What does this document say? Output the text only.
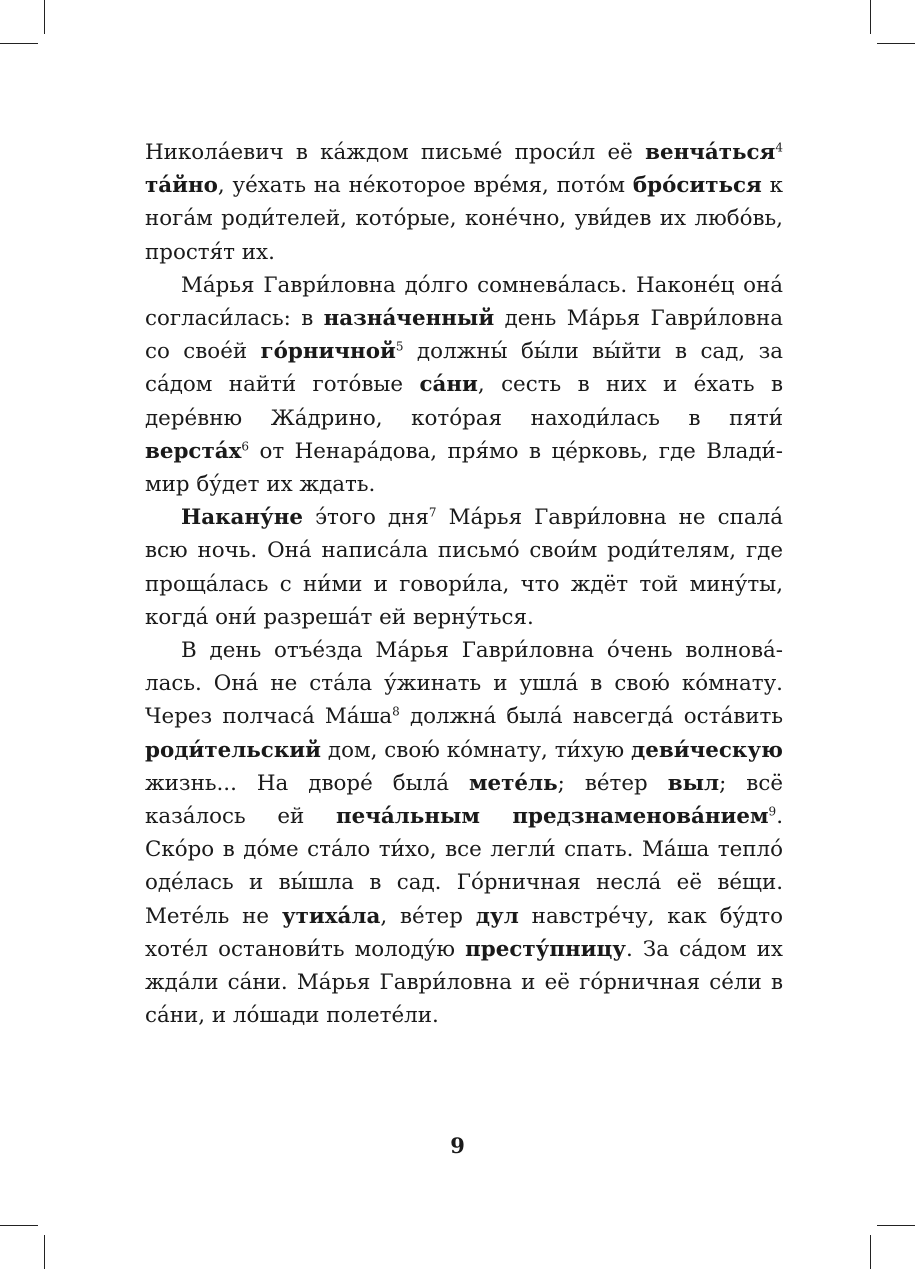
Никола́евич в ка́ждом письме́ проси́л её венча́ться$^4$ та́йно, уе́хать на не́которое вре́мя, пото́м бро́ситься к нога́м роди́телей, кото́рые, коне́чно, уви́дев их любо́вь, простя́т их.

Ма́рья Гаври́ловна до́лго сомнева́лась. Наконе́ц она́ согласи́лась: в назна́ченный день Ма́рья Гаври́ловна со свое́й го́рничной$^5$ должны́ бы́ли вы́йти в сад, за са́дом найти́ гото́вые са́ни, сесть в них и е́хать в дере́вню Жа́дрино, кото́рая находи́лась в пяти́ $верста́х^6$ от Ненара́дова, пря́мо в це́рковь, где Влади́мир бу́дет их ждать.

Накану́не э́того дня$^7$ Ма́рья Гаври́ловна не спала́ всю ночь. Она́ написа́ла письмо́ свои́м роди́телям, где проща́лась с ни́ми и говори́ла, что ждёт той мину́ты, когда́ они́ разреша́т ей верну́ться.

В день отъе́зда Ма́рья Гаври́ловна о́чень волнова́лась. Она́ не ста́ла у́жинать и ушла́ в свою́ ко́мнату. Через полчаса́ $Ма́ша^8$ должна́ была́ навсегда́ оста́вить роди́тельский дом, свою́ ко́мнату, ти́хую деви́ческую жизнь... На дворе́ была́ мете́ль; ве́тер выл; всё каза́лось ей печа́льным предзнаменова́нием$^9$. Ско́ро в до́ме ста́ло ти́хо, все легли́ спать. Ма́ша тепло́ оде́лась и вы́шла в сад. Го́рничная несла́ её ве́щи. Мете́ль не утиха́ла, ве́тер дул навстре́чу, как бу́дто хоте́л останови́ть молоду́ю престу́пницу. За са́дом их жда́ли са́ни. Ма́рья Гаври́ловна и её го́рничная се́ли в са́ни, и ло́шади полете́ли.

9
